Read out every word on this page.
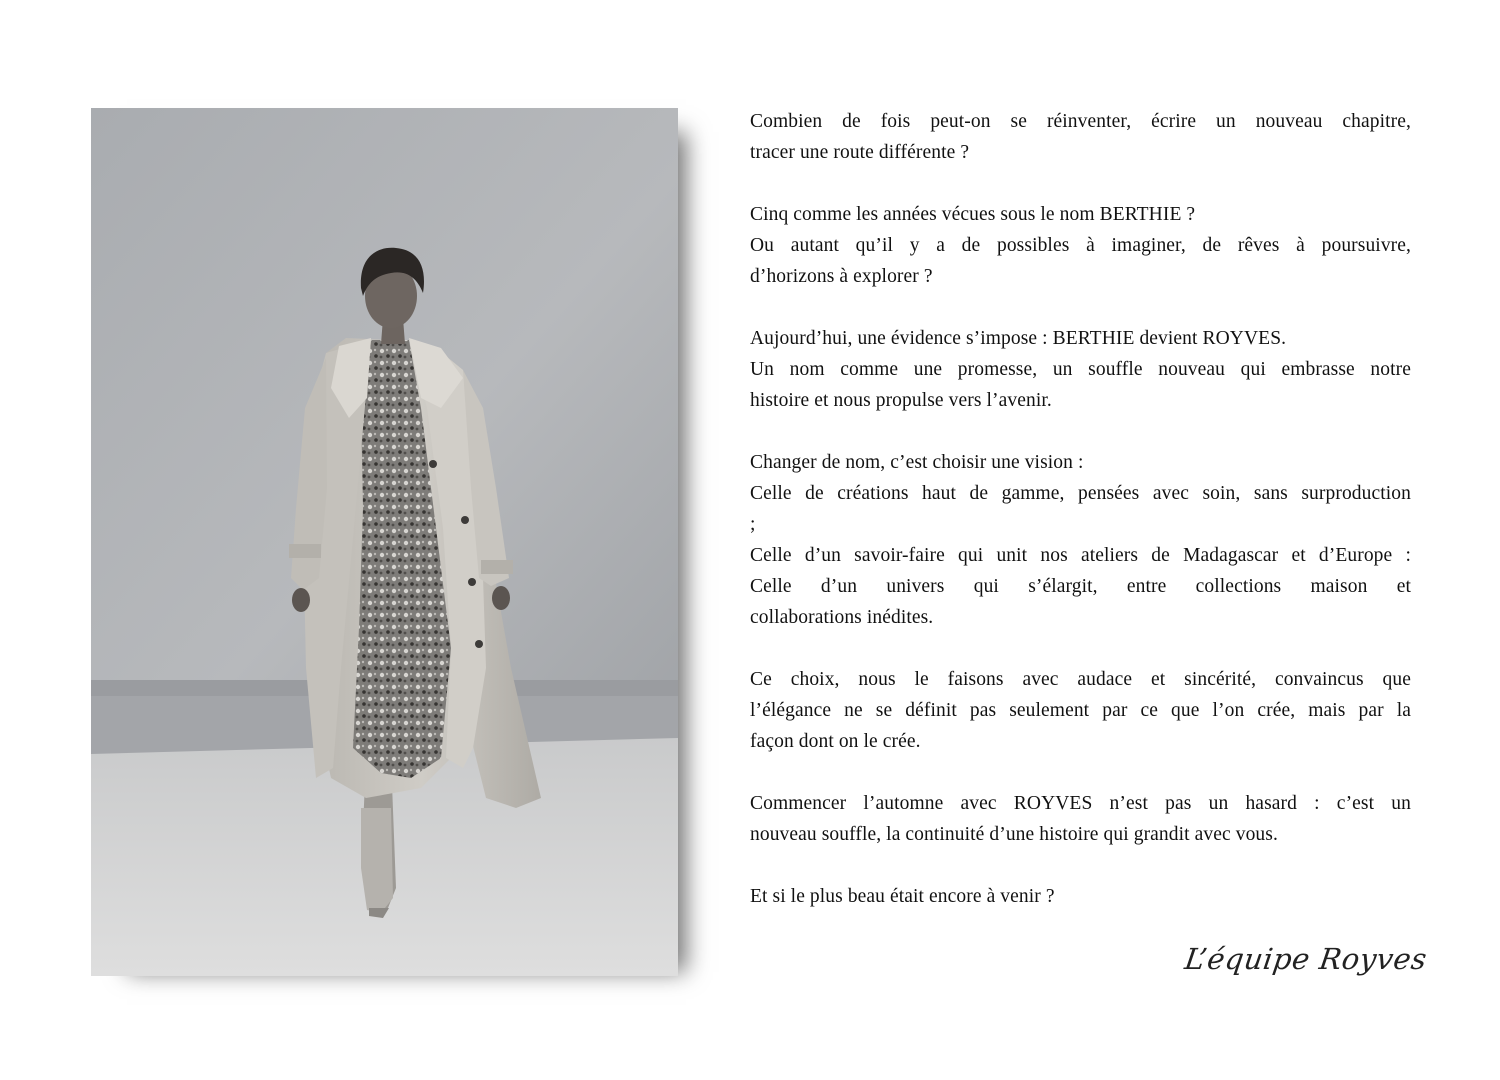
Combien de fois peut-on se réinventer, écrire un nouveau chapitre,
tracer une route différente ?
Cinq comme les années vécues sous le nom BERTHIE ?
Ou autant qu’il y a de possibles à imaginer, de rêves à poursuivre,
d’horizons à explorer ?
Aujourd’hui, une évidence s’impose : BERTHIE devient ROYVES.
Un nom comme une promesse, un souffle nouveau qui embrasse notre
histoire et nous propulse vers l’avenir.
Changer de nom, c’est choisir une vision :
Celle de créations haut de gamme, pensées avec soin, sans surproduction
;
Celle d’un savoir-faire qui unit nos ateliers de Madagascar et d’Europe :
Celle d’un univers qui s’élargit, entre collections maison et
collaborations inédites.
Ce choix, nous le faisons avec audace et sincérité, convaincus que
l’élégance ne se définit pas seulement par ce que l’on crée, mais par la
façon dont on le crée.
Commencer l’automne avec ROYVES n’est pas un hasard : c’est un
nouveau souffle, la continuité d’une histoire qui grandit avec vous.
Et si le plus beau était encore à venir ?
L’équipe Royves
